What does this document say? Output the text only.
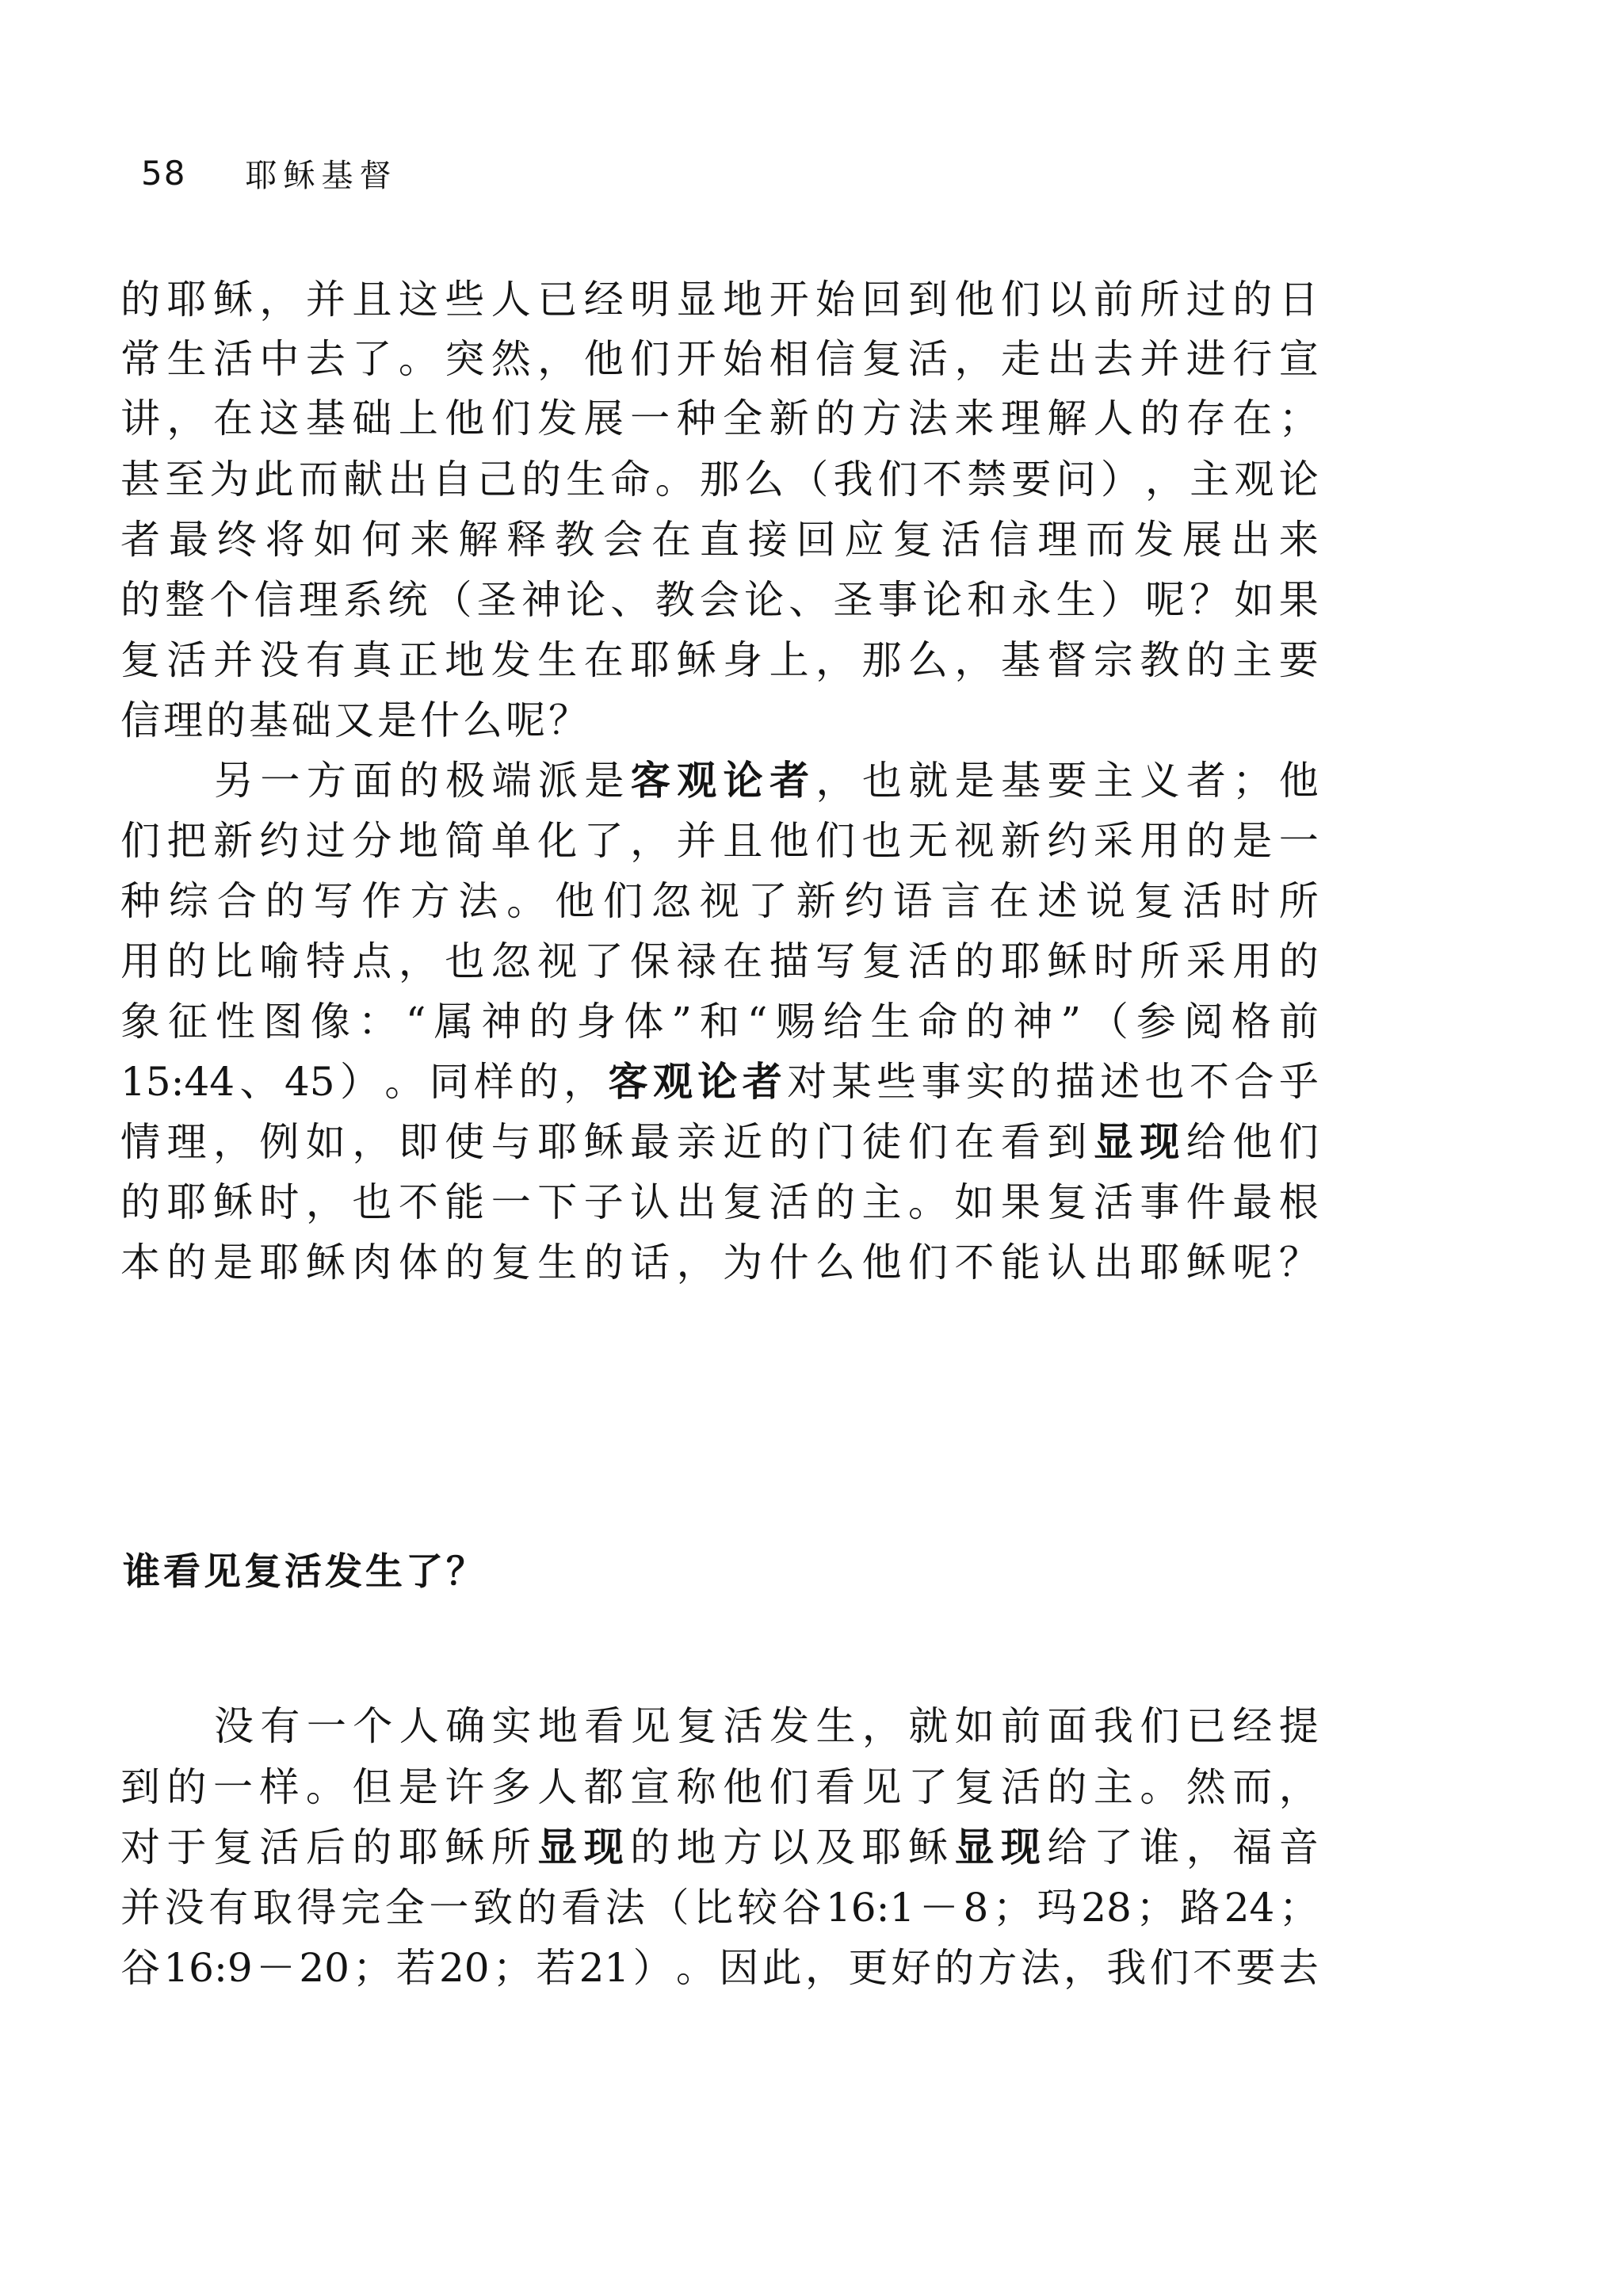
58 耶稣基督
的 耶 稣 ， 并 且 这 些 人 已 经 明 显 地 开 始 回 到 他 们 以 前 所 过 的 日
常 生 活 中 去 了 。 突 然 ， 他 们 开 始 相 信 复 活 ， 走 出 去 并 进 行 宣
讲 ， 在 这 基 础 上 他 们 发 展 一 种 全 新 的 方 法 来 理 解 人 的 存 在 ；
甚 至 为 此 而 献 出 自 己 的 生 命 。 那 么 （ 我 们 不 禁 要 问 ） ， 主 观 论
者 最 终 将 如 何 来 解 释 教 会 在 直 接 回 应 复 活 信 理 而 发 展 出 来
的 整 个 信 理 系 统 （ 圣 神 论 、 教 会 论 、 圣 事 论 和 永 生 ） 呢 ？ 如 果
复 活 并 没 有 真 正 地 发 生 在 耶 稣 身 上 ， 那 么 ， 基 督 宗 教 的 主 要
信理的基础又是什么呢？
另 一 方 面 的 极 端 派 是 客 观 论 者 ， 也 就 是 基 要 主 义 者 ； 他
们 把 新 约 过 分 地 简 单 化 了 ， 并 且 他 们 也 无 视 新 约 采 用 的 是 一
种 综 合 的 写 作 方 法 。 他 们 忽 视 了 新 约 语 言 在 述 说 复 活 时 所
用 的 比 喻 特 点 ， 也 忽 视 了 保 禄 在 描 写 复 活 的 耶 稣 时 所 采 用 的
象 征 性 图 像 ： “ 属 神 的 身 体 ” 和 “ 赐 给 生 命 的 神 ” （ 参 阅 格 前
15:44 、 45 ） 。 同 样 的 ， 客 观 论 者 对 某 些 事 实 的 描 述 也 不 合 乎
情 理 ， 例 如 ， 即 使 与 耶 稣 最 亲 近 的 门 徒 们 在 看 到 显 现 给 他 们
的 耶 稣 时 ， 也 不 能 一 下 子 认 出 复 活 的 主 。 如 果 复 活 事 件 最 根
本 的 是 耶 稣 肉 体 的 复 生 的 话 ， 为 什 么 他 们 不 能 认 出 耶 稣 呢 ？
谁看见复活发生了？
没 有 一 个 人 确 实 地 看 见 复 活 发 生 ， 就 如 前 面 我 们 已 经 提
到 的 一 样 。 但 是 许 多 人 都 宣 称 他 们 看 见 了 复 活 的 主 。 然 而 ，
对 于 复 活 后 的 耶 稣 所 显 现 的 地 方 以 及 耶 稣 显 现 给 了 谁 ， 福 音
并 没 有 取 得 完 全 一 致 的 看 法 （ 比 较 谷 16:1 － 8 ； 玛 28 ； 路 24 ；
谷 16:9 － 20 ； 若 20 ； 若 21 ） 。 因 此 ， 更 好 的 方 法 ， 我 们 不 要 去
